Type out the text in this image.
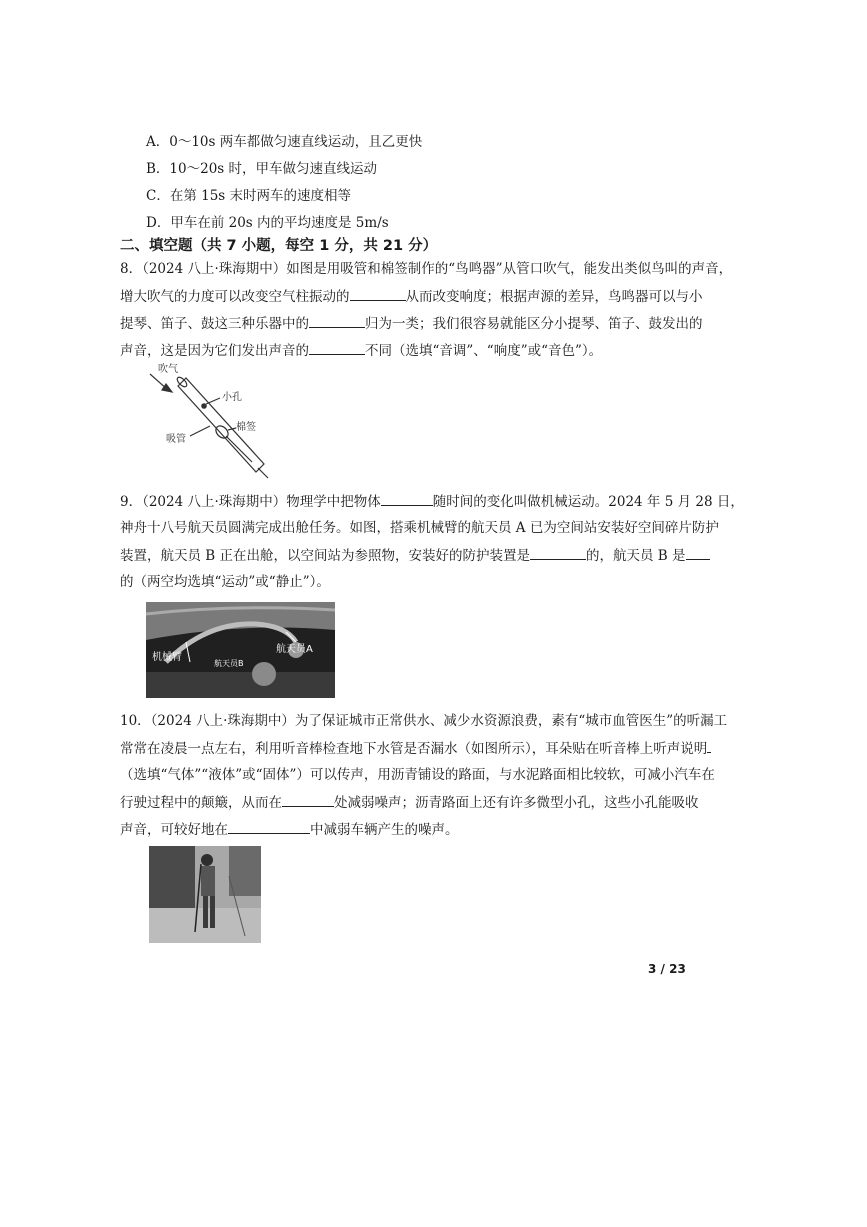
A．0～10s 两车都做匀速直线运动，且乙更快
B．10～20s 时，甲车做匀速直线运动
C．在第 15s 末时两车的速度相等
D．甲车在前 20s 内的平均速度是 5m/s
二、填空题（共 7 小题，每空 1 分，共 21 分）
8．（2024 八上·珠海期中）如图是用吸管和棉签制作的“鸟鸣器”从管口吹气，能发出类似鸟叫的声音，
增大吹气的力度可以改变空气柱振动的	从而改变响度；根据声源的差异，鸟鸣器可以与小
提琴、笛子、鼓这三种乐器中的	归为一类；我们很容易就能区分小提琴、笛子、鼓发出的
声音，这是因为它们发出声音的	不同（选填“音调”、“响度”或“音色”）。
吹气
小孔
棉签
吸管
9．（2024 八上·珠海期中）物理学中把物体	随时间的变化叫做机械运动。2024 年 5 月 28 日，
神舟十八号航天员圆满完成出舱任务。如图，搭乘机械臂的航天员 A 已为空间站安装好空间碎片防护
装置，航天员 B 正在出舱，以空间站为参照物，安装好的防护装置是	的，航天员 B 是
的（两空均选填“运动”或“静止”）。
机械臂
航天员A
航天员B
10．（2024 八上·珠海期中）为了保证城市正常供水、减少水资源浪费，素有“城市血管医生”的听漏工
常常在凌晨一点左右，利用听音棒检查地下水管是否漏水（如图所示），耳朵贴在听音棒上听声说明
（选填“气体”“液体”或“固体”）可以传声，用沥青铺设的路面，与水泥路面相比较软，可减小汽车在
行驶过程中的颠簸，从而在	处减弱噪声；沥青路面上还有许多微型小孔，这些小孔能吸收
声音，可较好地在	中减弱车辆产生的噪声。
3 / 23
